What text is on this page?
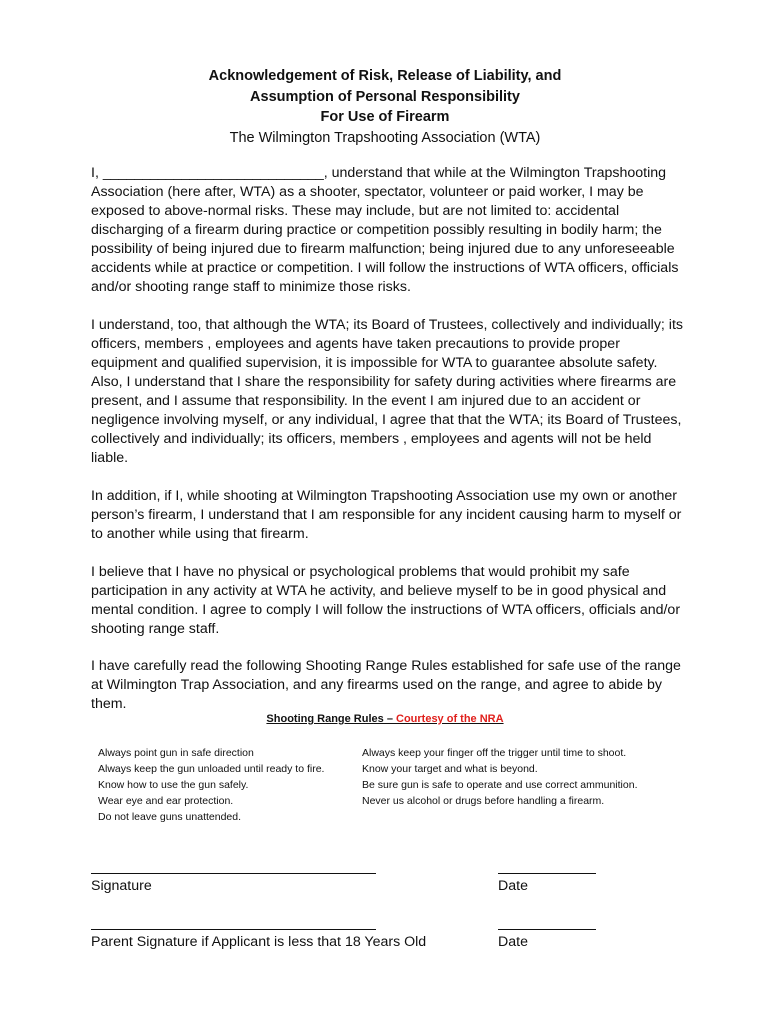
Acknowledgement of Risk, Release of Liability, and
Assumption of Personal Responsibility
For Use of Firearm
The Wilmington Trapshooting Association (WTA)

I, ____________________________, understand that while at the Wilmington Trapshooting Association (here after, WTA) as a shooter, spectator, volunteer or paid worker, I may be exposed to above-normal risks. These may include, but are not limited to: accidental discharging of a firearm during practice or competition possibly resulting in bodily harm; the possibility of being injured due to firearm malfunction; being injured due to any unforeseeable accidents while at practice or competition. I will follow the instructions of WTA officers, officials and/or shooting range staff to minimize those risks.

I understand, too, that although the WTA; its Board of Trustees, collectively and individually; its officers, members , employees and agents have taken precautions to provide proper equipment and qualified supervision, it is impossible for WTA to guarantee absolute safety. Also, I understand that I share the responsibility for safety during activities where firearms are present, and I assume that responsibility. In the event I am injured due to an accident or negligence involving myself, or any individual, I agree that that the WTA; its Board of Trustees, collectively and individually; its officers, members , employees and agents will not be held liable.

In addition, if I, while shooting at Wilmington Trapshooting Association use my own or another person’s firearm, I understand that I am responsible for any incident causing harm to myself or to another while using that firearm.

I believe that I have no physical or psychological problems that would prohibit my safe participation in any activity at WTA he activity, and believe myself to be in good physical and mental condition. I agree to comply I will follow the instructions of WTA officers, officials and/or shooting range staff.

I have carefully read the following Shooting Range Rules established for safe use of the range at Wilmington Trap Association, and any firearms used on the range, and agree to abide by them.

Shooting Range Rules – Courtesy of the NRA
Always point gun in safe direction
Always keep the gun unloaded until ready to fire.
Know how to use the gun safely.
Wear eye and ear protection.
Do not leave guns unattended.
Always keep your finger off the trigger until time to shoot.
Know your target and what is beyond.
Be sure gun is safe to operate and use correct ammunition.
Never us alcohol or drugs before handling a firearm.
Signature	Date
Parent Signature if Applicant is less that 18 Years Old	Date
